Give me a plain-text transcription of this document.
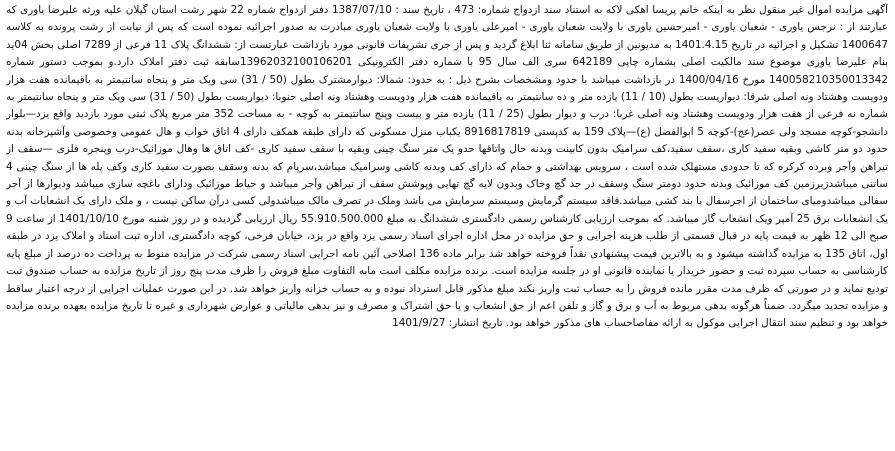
آگهی مزایده اموال غیر منقول نظر به اینکه خانم پریسا اهکی لاکه به استناد سند ازدواج شماره: 473 ، تاریخ سند : 1387/07/10 دفتر ازدواج شماره 22 شهر رشت استان گیلان علیه ورثه علیرضا یاوری که عبارتند از : نرجس یاوری - شعبان یاوری - امیرحسین یاوری با ولایت شعبان یاوری - امیرعلی یاوری با ولایت شعبان یاوری مبادرت به صدور اجرائیه نموده است که پس از نیابت از رشت پرونده به کلاسه 1400647 تشکیل و اجرائیه در تاریخ 1401.4.15 به مدیونین از طریق سامانه ثنا ابلاغ گردید و پس از جری تشریفات قانونی مورد بازداشت عبارتست از: ششدانگ پلاک 11 فرعی از 7289 اصلی بخش 04ید بنام علیرضا یاوری موضوع سند مالکیت اصلی بشماره چاپی 642189 سری الف سال 95 با شماره دفتر الکترونیکی 13962032100106201سابقه ثبت دفتر املاک دارد.و بموجب دستور شماره 140058210350013342 مورخ 1400/04/16 در بازداشت میباشد با حدود ومشخصات بشرح ذیل : به حدود: شمالا: دیوارمشترک بطول (50 / 31) سی ویک متر و پنجاه سانتیمتر به باقیمانده هفت هزار ودویست وهشتاد ونه اصلی شرقا: دیواریست بطول (10 / 11) یازده متر و ده سانتیمتر به باقیمانده هفت هزار ودویست وهشتاد ونه اصلی جنوبا: دیواریست بطول (50 / 31) سی ویک متر و پنجاه سانتیمتر به شماره نه فرعی از هفت هزار ودویست وهشتاد ونه اصلی غربا: درب و دیوار بطول (25 / 11) یازده متر و بیست وپنج سانتیمتر به کوچه - به مساحت 352 متر مربع پلاک ثبتی مورد بازدید واقع یزد—بلوار دانشجو-کوچه مسجد ولی عصر(عج)-کوچه 5 ابوالفضل (ع)—پلاک 159 به کدپستی 8916817819 یکباب منزل مسکونی که دارای طبقه همکف دارای 4 اتاق خواب و هال عمومی وخصوصی وآشپزخانه بدنه حدود دو متر کاشی وبقیه سفید کاری ،سقف سفید،کف سرامیک بدون کابینت وبدنه حال واتاقها حدو یک متر سنگ چینی وبقیه با سقف سفید کاری -کف اتاق ها وهال موزائیک-درب وپنجره فلزی —سقف از تیراهن وآجر وبرده کرکره که تا حدودی مستهلک شده است ، سرویس بهداشتی و حمام که دارای کف وبدنه کاشی وسرامیک میباشد،سرپام که بدنه وسقف بصورت سفید کاری وکف پله ها از سنگ چینی 4 ساتنی میباشدزیرزمین کف موزائیک وبدنه حدود دومتر سنگ وسقف در حد گچ وخاک وبدون لایه گچ تهایی وپوشش سقف از تیراهن وآجر میباشد و حیاط موزائیک ودارای باغچه سازی میباشد ودیوارها از آجر سفالی میباشدومیای ساختمان از اجرسفال با بند کشی میباشد.فاقد سیستم گرمایش وسیستم سرمایش می باشد وملک در تصرف مالک میباشدولی کسی درآن ساکن نیست ، و ملک دارای یک انشعابات آب و یک انشعابات برق 25 آمپر ویک انشعاب گاز میباشد. که بموجب ارزیابی کارشناس رسمی دادگستری ششدانگ به مبلغ 55.910.500.000 ریال ارزیابی گردیده و در روز شنبه مورخ 1401/10/10 از ساعت 9 صبح الی 12 ظهر به قیمت پایه در قبال قسمتی از طلب هزینه اجرایی و حق مزایده در محل اداره اجرای اسناد رسمی یزد واقع در یزد، خیابان فرخی، کوچه دادگستری، اداره ثبت اسناد و املاک یزد در طبقه اول، اتاق 135 به مزایده گذاشته میشود و به بالاترین قیمت پیشنهادی نقداً فروخته خواهد شد برابر ماده 136 اصلاحی آئین نامه اجرایی اسناد رسمی شرکت در مزایده منوط به پرداخت ده درصد از مبلغ پایه کارشناسی به حساب سپرده ثبت و حضور خریدار یا نماینده قانونی او در جلسه مزایده است. برنده مزایده مکلف است مابه التفاوت مبلغ فروش را ظرف مدت پنج روز از تاریخ مزایده به حساب صندوق ثبت تودیع نماید و در صورتی که ظرف مدت مقرر مانده فروش را به حساب ثبت واریز نکند مبلغ مذکور قابل استرداد نبوده و به حساب خزانه واریز خواهد شد. در این صورت عملیات اجرایی از درجه اعتبار ساقط و مزایده تجدید میگردد. ضمناً هرگونه بدهی مربوط به آب و برق و گاز و تلفن اعم از حق انشعاب و یا حق اشتراک و مصرف و نیز بدهی مالیاتی و عوارض شهرداری و غیره تا تاریخ مزایده بعهده برنده مزایده خواهد بود و تنظیم سند انتقال اجرایی موکول به ارائه مفاصاحساب های مذکور خواهد بود. تاریخ انتشار: 1401/9/27
